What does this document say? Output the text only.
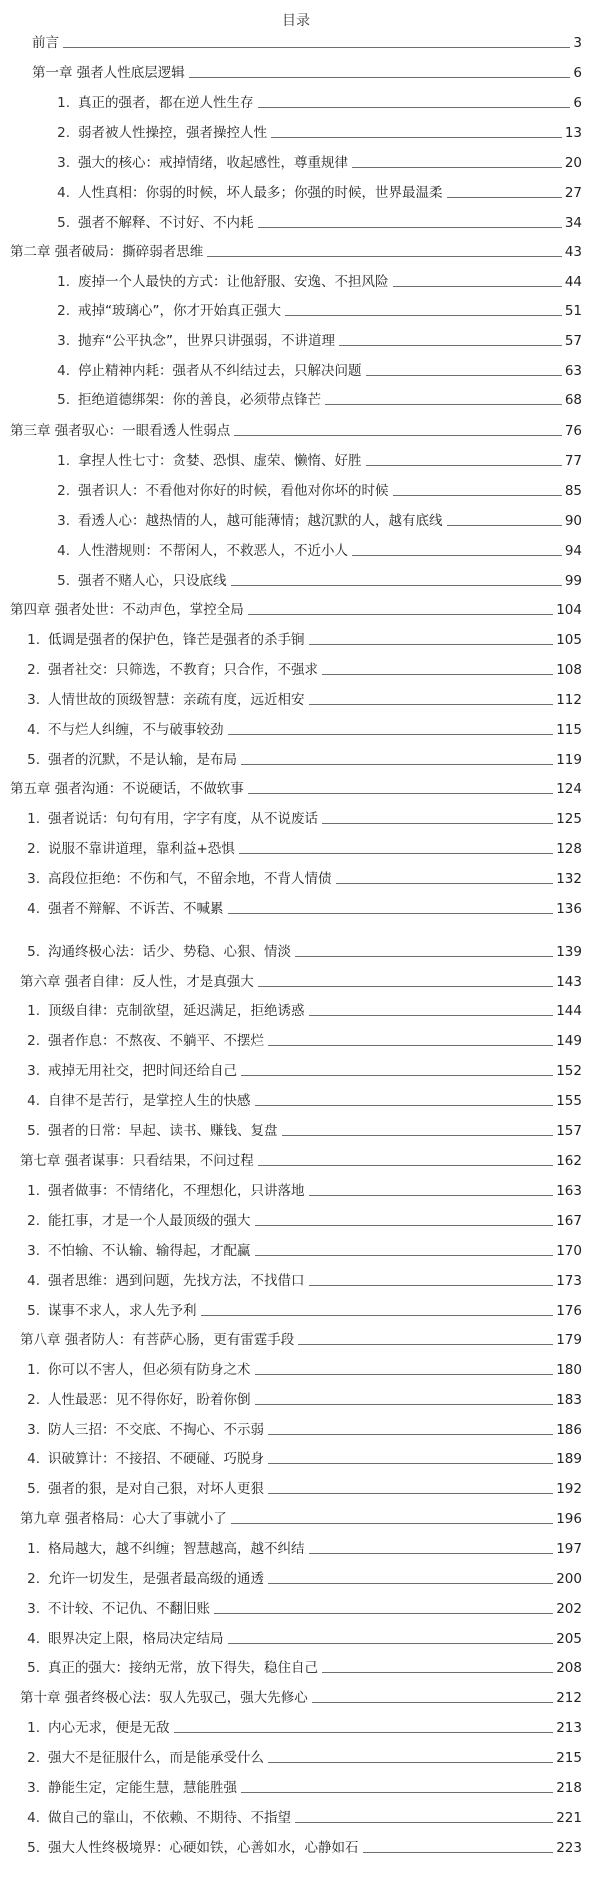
目录
前言	3
第一章 强者人性底层逻辑	6
1. 真正的强者，都在逆人性生存	6
2. 弱者被人性操控，强者操控人性	13
3. 强大的核心：戒掉情绪，收起感性，尊重规律	20
4. 人性真相：你弱的时候，坏人最多；你强的时候，世界最温柔	27
5. 强者不解释、不讨好、不内耗	34
第二章 强者破局：撕碎弱者思维	43
1. 废掉一个人最快的方式：让他舒服、安逸、不担风险	44
2. 戒掉“玻璃心”，你才开始真正强大	51
3. 抛弃“公平执念”，世界只讲强弱，不讲道理	57
4. 停止精神内耗：强者从不纠结过去，只解决问题	63
5. 拒绝道德绑架：你的善良，必须带点锋芒	68
第三章 强者驭心：一眼看透人性弱点	76
1. 拿捏人性七寸：贪婪、恐惧、虚荣、懒惰、好胜	77
2. 强者识人：不看他对你好的时候，看他对你坏的时候	85
3. 看透人心：越热情的人，越可能薄情；越沉默的人，越有底线	90
4. 人性潜规则：不帮闲人，不救恶人，不近小人	94
5. 强者不赌人心，只设底线	99
第四章 强者处世：不动声色，掌控全局	104
1. 低调是强者的保护色，锋芒是强者的杀手锏	105
2. 强者社交：只筛选，不教育；只合作，不强求	108
3. 人情世故的顶级智慧：亲疏有度，远近相安	112
4. 不与烂人纠缠，不与破事较劲	115
5. 强者的沉默，不是认输，是布局	119
第五章 强者沟通：不说硬话，不做软事	124
1. 强者说话：句句有用，字字有度，从不说废话	125
2. 说服不靠讲道理，靠利益+恐惧	128
3. 高段位拒绝：不伤和气，不留余地，不背人情债	132
4. 强者不辩解、不诉苦、不喊累	136
5. 沟通终极心法：话少、势稳、心狠、情淡	139
第六章 强者自律：反人性，才是真强大	143
1. 顶级自律：克制欲望，延迟满足，拒绝诱惑	144
2. 强者作息：不熬夜、不躺平、不摆烂	149
3. 戒掉无用社交，把时间还给自己	152
4. 自律不是苦行，是掌控人生的快感	155
5. 强者的日常：早起、读书、赚钱、复盘	157
第七章 强者谋事：只看结果，不问过程	162
1. 强者做事：不情绪化，不理想化，只讲落地	163
2. 能扛事，才是一个人最顶级的强大	167
3. 不怕输、不认输、输得起，才配赢	170
4. 强者思维：遇到问题，先找方法，不找借口	173
5. 谋事不求人，求人先予利	176
第八章 强者防人：有菩萨心肠，更有雷霆手段	179
1. 你可以不害人，但必须有防身之术	180
2. 人性最恶：见不得你好，盼着你倒	183
3. 防人三招：不交底、不掏心、不示弱	186
4. 识破算计：不接招、不硬碰、巧脱身	189
5. 强者的狠，是对自己狠，对坏人更狠	192
第九章 强者格局：心大了事就小了	196
1. 格局越大，越不纠缠；智慧越高，越不纠结	197
2. 允许一切发生，是强者最高级的通透	200
3. 不计较、不记仇、不翻旧账	202
4. 眼界决定上限，格局决定结局	205
5. 真正的强大：接纳无常，放下得失，稳住自己	208
第十章 强者终极心法：驭人先驭己，强大先修心	212
1. 内心无求，便是无敌	213
2. 强大不是征服什么，而是能承受什么	215
3. 静能生定，定能生慧，慧能胜强	218
4. 做自己的靠山，不依赖、不期待、不指望	221
5. 强大人性终极境界：心硬如铁，心善如水，心静如石	223
